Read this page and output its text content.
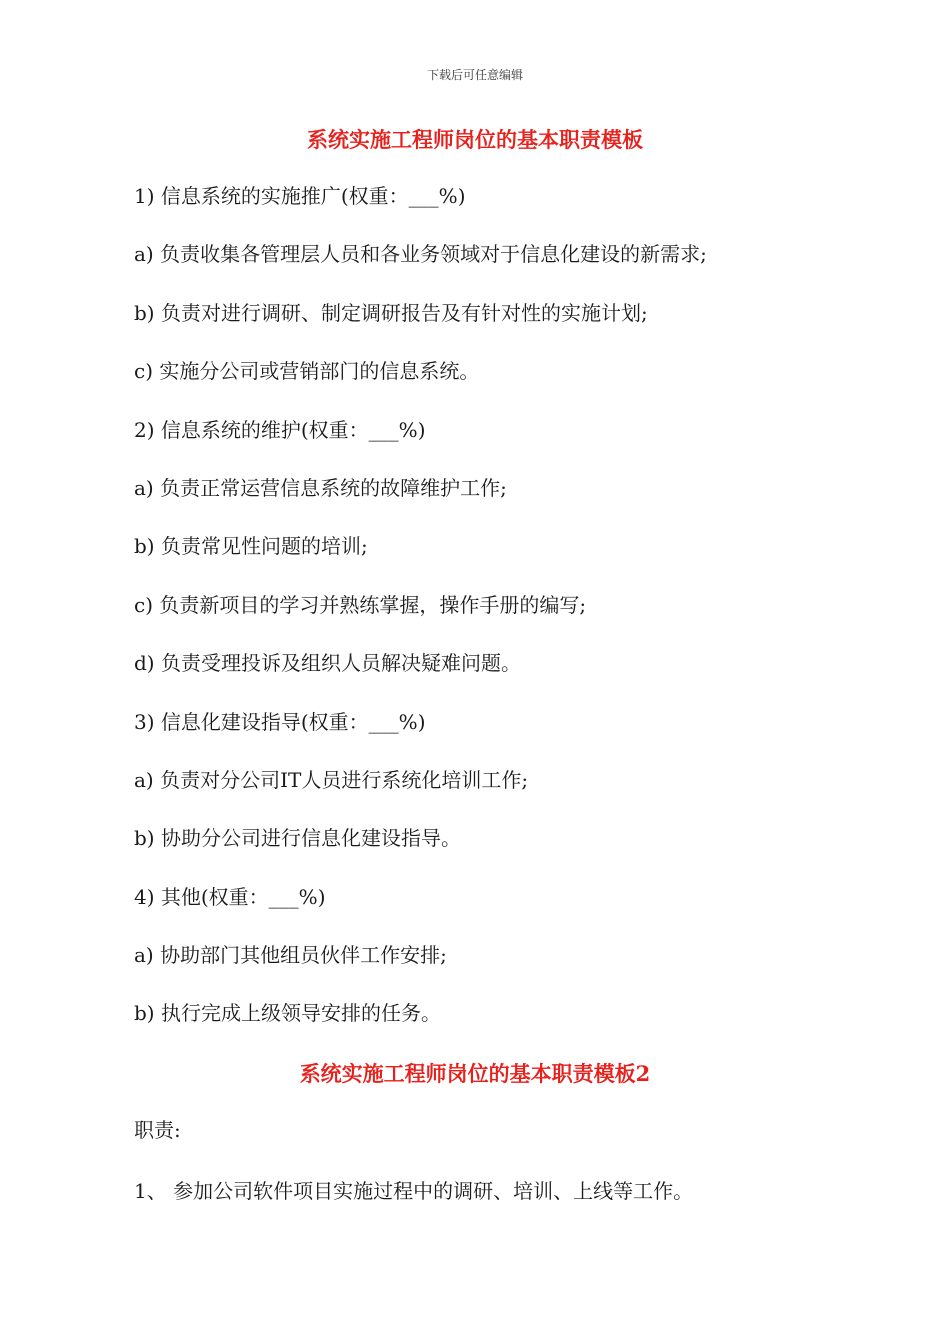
下载后可任意编辑
系统实施工程师岗位的基本职责模板
1) 信息系统的实施推广(权重：___%)
a) 负责收集各管理层人员和各业务领域对于信息化建设的新需求;
b) 负责对进行调研、制定调研报告及有针对性的实施计划;
c) 实施分公司或营销部门的信息系统。
2) 信息系统的维护(权重：___%)
a) 负责正常运营信息系统的故障维护工作;
b) 负责常见性问题的培训;
c) 负责新项目的学习并熟练掌握，操作手册的编写;
d) 负责受理投诉及组织人员解决疑难问题。
3) 信息化建设指导(权重：___%)
a) 负责对分公司IT人员进行系统化培训工作;
b) 协助分公司进行信息化建设指导。
4) 其他(权重：___%)
a) 协助部门其他组员伙伴工作安排;
b) 执行完成上级领导安排的任务。
系统实施工程师岗位的基本职责模板2
职责:
1、 参加公司软件项目实施过程中的调研、培训、上线等工作。
